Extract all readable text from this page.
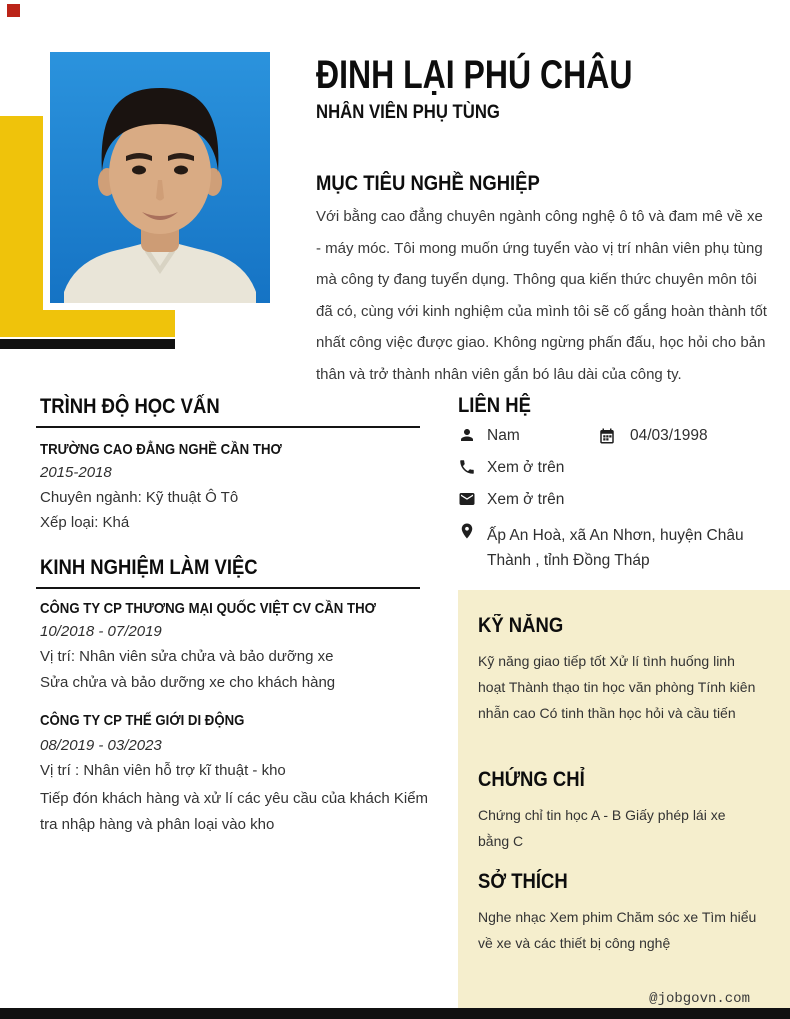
ĐINH LẠI PHÚ CHÂU
NHÂN VIÊN PHỤ TÙNG
MỤC TIÊU NGHỀ NGHIỆP
Với bằng cao đẳng chuyên ngành công nghệ ô tô và đam mê về xe - máy móc. Tôi mong muốn ứng tuyển vào vị trí nhân viên phụ tùng mà công ty đang tuyển dụng. Thông qua kiến thức chuyên môn tôi đã có, cùng với kinh nghiệm của mình tôi sẽ cố gắng hoàn thành tốt nhất công việc được giao. Không ngừng phấn đấu, học hỏi cho bản thân và trở thành nhân viên gắn bó lâu dài của công ty.
TRÌNH ĐỘ HỌC VẤN
TRƯỜNG CAO ĐẲNG NGHỀ CẦN THƠ
2015-2018
Chuyên ngành: Kỹ thuật Ô Tô
Xếp loại: Khá
KINH NGHIỆM LÀM VIỆC
CÔNG TY CP THƯƠNG MẠI QUỐC VIỆT CV CẦN THƠ
10/2018 - 07/2019
Vị trí: Nhân viên sửa chửa và bảo dưỡng xe
Sửa chửa và bảo dưỡng xe cho khách hàng
CÔNG TY CP THẾ GIỚI DI ĐỘNG
08/2019 - 03/2023
Vị trí : Nhân viên hỗ trợ kĩ thuật - kho
Tiếp đón khách hàng và xử lí các yêu cầu của khách Kiểm tra nhập hàng và phân loại vào kho
LIÊN HỆ
Nam	04/03/1998
Xem ở trên
Xem ở trên
Ấp An Hoà, xã An Nhơn, huyện Châu Thành , tỉnh Đồng Tháp
KỸ NĂNG
Kỹ năng giao tiếp tốt Xử lí tình huống linh hoạt Thành thạo tin học văn phòng Tính kiên nhẫn cao Có tinh thần học hỏi và cầu tiến
CHỨNG CHỈ
Chứng chỉ tin học A - B Giấy phép lái xe bằng C
SỞ THÍCH
Nghe nhạc Xem phim Chăm sóc xe Tìm hiểu về xe và các thiết bị công nghệ
@jobgovn.com
